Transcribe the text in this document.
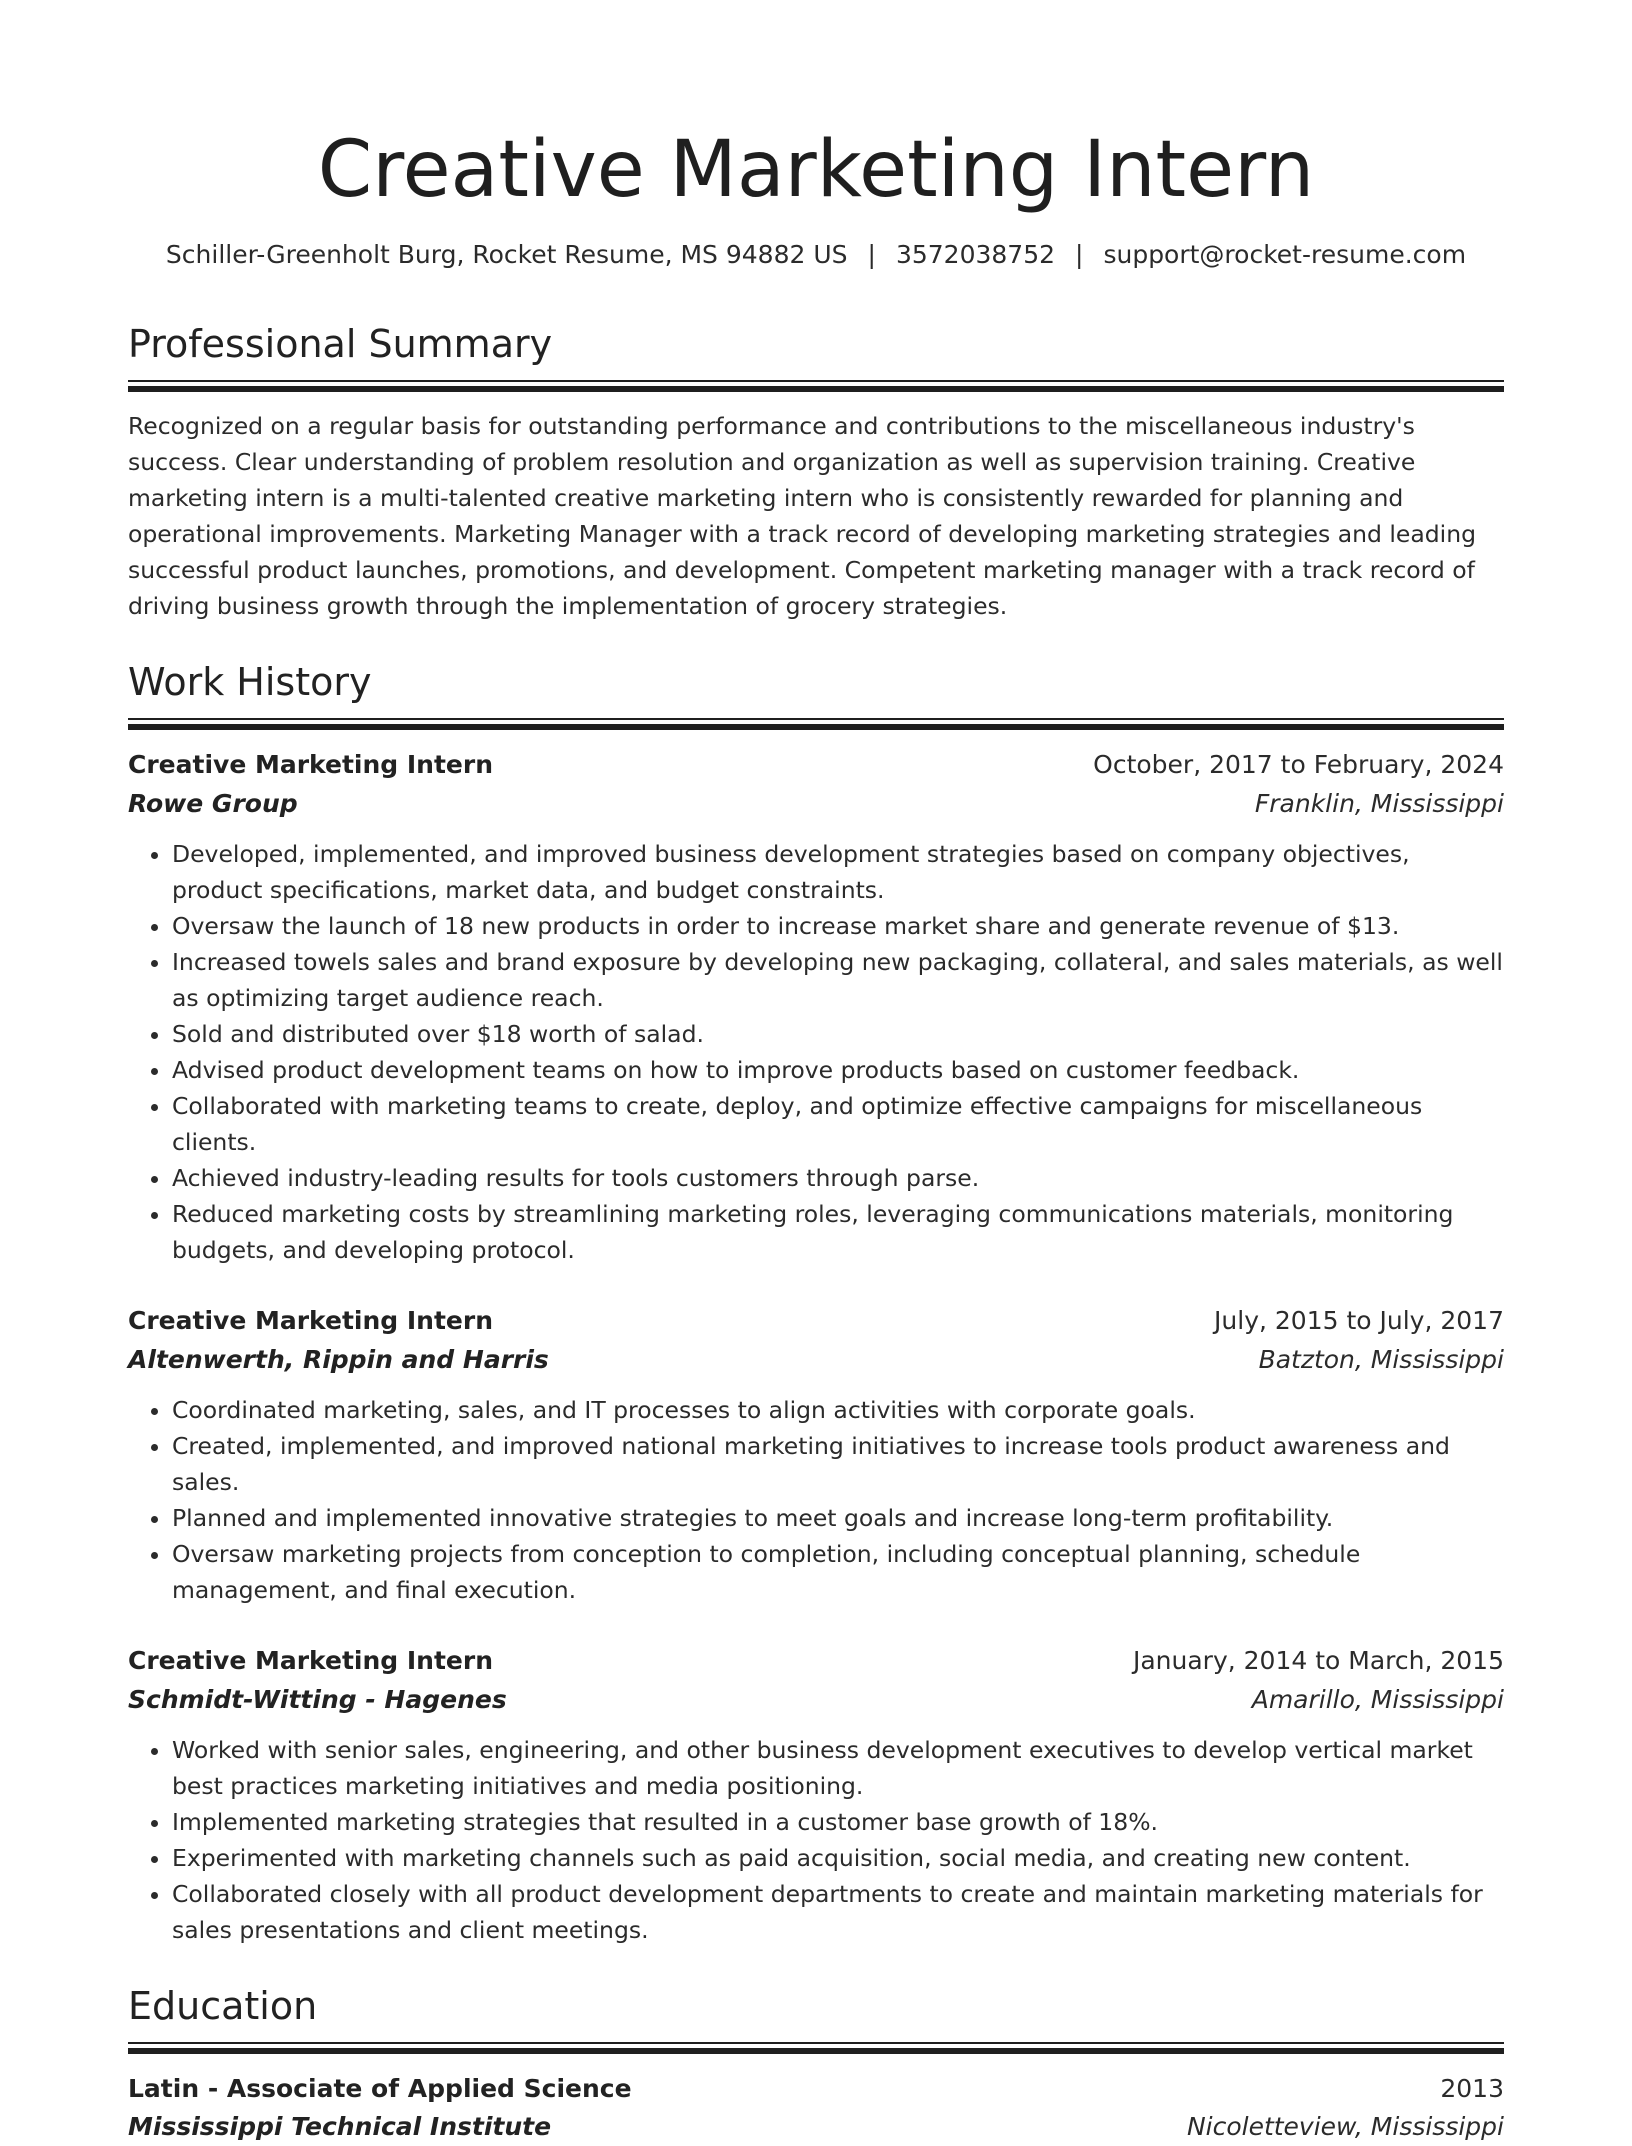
Creative Marketing Intern
Schiller-Greenholt Burg, Rocket Resume, MS 94882 US | 3572038752 | support@rocket-resume.com
Professional Summary

Recognized on a regular basis for outstanding performance and contributions to the miscellaneous industry's success. Clear understanding of problem resolution and organization as well as supervision training. Creative marketing intern is a multi-talented creative marketing intern who is consistently rewarded for planning and operational improvements. Marketing Manager with a track record of developing marketing strategies and leading successful product launches, promotions, and development. Competent marketing manager with a track record of driving business growth through the implementation of grocery strategies.

Work History
Creative Marketing Intern	October, 2017 to February, 2024
Rowe Group	Franklin, Mississippi
• Developed, implemented, and improved business development strategies based on company objectives, product specifications, market data, and budget constraints.
• Oversaw the launch of 18 new products in order to increase market share and generate revenue of $13.
• Increased towels sales and brand exposure by developing new packaging, collateral, and sales materials, as well as optimizing target audience reach.
• Sold and distributed over $18 worth of salad.
• Advised product development teams on how to improve products based on customer feedback.
• Collaborated with marketing teams to create, deploy, and optimize effective campaigns for miscellaneous clients.
• Achieved industry-leading results for tools customers through parse.
• Reduced marketing costs by streamlining marketing roles, leveraging communications materials, monitoring budgets, and developing protocol.
Creative Marketing Intern	July, 2015 to July, 2017
Altenwerth, Rippin and Harris	Batzton, Mississippi
• Coordinated marketing, sales, and IT processes to align activities with corporate goals.
• Created, implemented, and improved national marketing initiatives to increase tools product awareness and sales.
• Planned and implemented innovative strategies to meet goals and increase long-term profitability.
• Oversaw marketing projects from conception to completion, including conceptual planning, schedule management, and final execution.
Creative Marketing Intern	January, 2014 to March, 2015
Schmidt-Witting - Hagenes	Amarillo, Mississippi
• Worked with senior sales, engineering, and other business development executives to develop vertical market best practices marketing initiatives and media positioning.
• Implemented marketing strategies that resulted in a customer base growth of 18%.
• Experimented with marketing channels such as paid acquisition, social media, and creating new content.
• Collaborated closely with all product development departments to create and maintain marketing materials for sales presentations and client meetings.
Education
Latin - Associate of Applied Science	2013
Mississippi Technical Institute	Nicoletteview, Mississippi
